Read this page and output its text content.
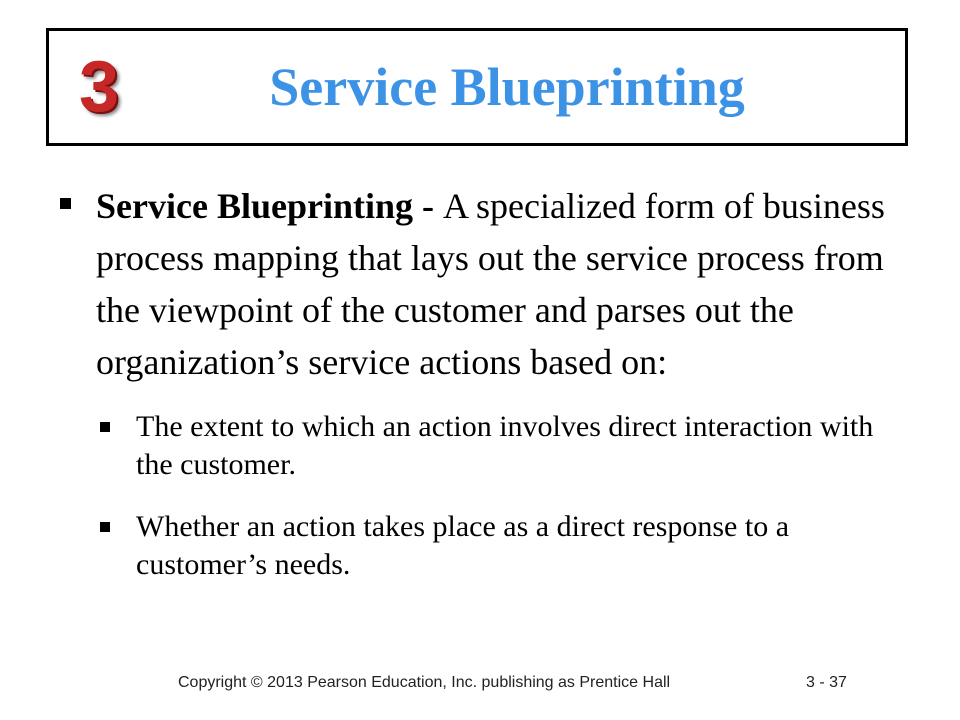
3	Service Blueprinting
Service Blueprinting - A specialized form of business process mapping that lays out the service process from the viewpoint of the customer and parses out the organization’s service actions based on:
The extent to which an action involves direct interaction with the customer.
Whether an action takes place as a direct response to a customer’s needs.
Copyright © 2013 Pearson Education, Inc. publishing as Prentice Hall	3 - 37
